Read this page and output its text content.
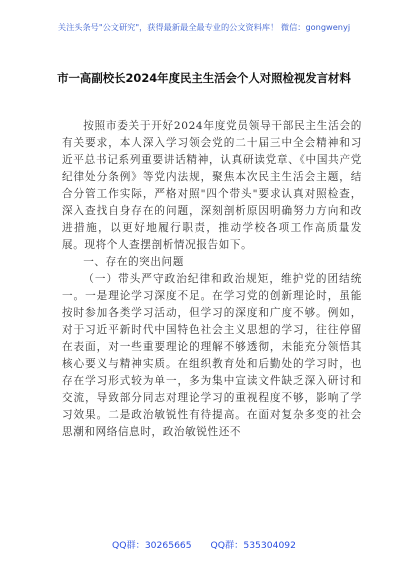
关注头条号"公文研究"，获得最新最全最专业的公文资料库！ 微信：gongwenyj
市一高副校长2024年度民主生活会个人对照检视发言材料

按照市委关于开好2024年度党员领导干部民主生活会的有关要求，本人深入学习领会党的二十届三中全会精神和习近平总书记系列重要讲话精神，认真研读党章、《中国共产党纪律处分条例》等党内法规，聚焦本次民主生活会主题，结合分管工作实际，严格对照"四个带头"要求认真对照检查，深入查找自身存在的问题，深刻剖析原因明确努力方向和改进措施，以更好地履行职责，推动学校各项工作高质量发展。现将个人查摆剖析情况报告如下。

一、存在的突出问题

（一）带头严守政治纪律和政治规矩，维护党的团结统一。一是理论学习深度不足。在学习党的创新理论时，虽能按时参加各类学习活动，但学习的深度和广度不够。例如，对于习近平新时代中国特色社会主义思想的学习，往往停留在表面，对一些重要理论的理解不够透彻，未能充分领悟其核心要义与精神实质。在组织教育处和后勤处的学习时，也存在学习形式较为单一，多为集中宣读文件缺乏深入研讨和交流，导致部分同志对理论学习的重视程度不够，影响了学习效果。二是政治敏锐性有待提高。在面对复杂多变的社会思潮和网络信息时，政治敏锐性还不

QQ群：30265665 QQ群：535304092
